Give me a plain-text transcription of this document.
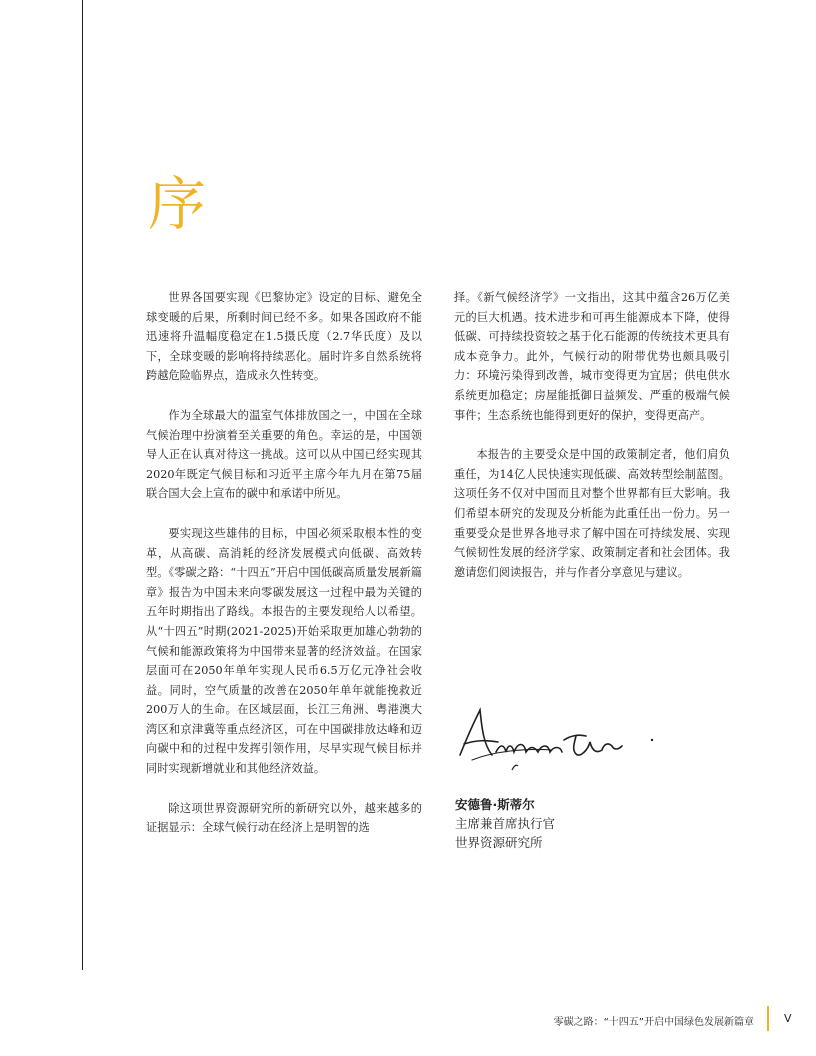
序

世界各国要实现《巴黎协定》设定的目标、避免全球变暖的后果，所剩时间已经不多。如果各国政府不能迅速将升温幅度稳定在1.5摄氏度（2.7华氏度）及以下，全球变暖的影响将持续恶化。届时许多自然系统将跨越危险临界点，造成永久性转变。

作为全球最大的温室气体排放国之一，中国在全球气候治理中扮演着至关重要的角色。幸运的是，中国领导人正在认真对待这一挑战。这可以从中国已经实现其2020年既定气候目标和习近平主席今年九月在第75届联合国大会上宣布的碳中和承诺中所见。

要实现这些雄伟的目标，中国必须采取根本性的变革，从高碳、高消耗的经济发展模式向低碳、高效转型。《零碳之路：“十四五”开启中国低碳高质量发展新篇章》报告为中国未来向零碳发展这一过程中最为关键的五年时期指出了路线。本报告的主要发现给人以希望。从“十四五”时期(2021-2025)开始采取更加雄心勃勃的气候和能源政策将为中国带来显著的经济效益。在国家层面可在2050年单年实现人民币6.5万亿元净社会收益。同时，空气质量的改善在2050年单年就能挽救近200万人的生命。在区域层面，长江三角洲、粤港澳大湾区和京津冀等重点经济区，可在中国碳排放达峰和迈向碳中和的过程中发挥引领作用，尽早实现气候目标并同时实现新增就业和其他经济效益。

除这项世界资源研究所的新研究以外，越来越多的证据显示：全球气候行动在经济上是明智的选

择。《新气候经济学》一文指出，这其中蕴含26万亿美元的巨大机遇。技术进步和可再生能源成本下降，使得低碳、可持续投资较之基于化石能源的传统技术更具有成本竞争力。此外，气候行动的附带优势也颇具吸引力：环境污染得到改善，城市变得更为宜居；供电供水系统更加稳定；房屋能抵御日益频发、严重的极端气候事件；生态系统也能得到更好的保护，变得更高产。

本报告的主要受众是中国的政策制定者，他们肩负重任，为14亿人民快速实现低碳、高效转型绘制蓝图。这项任务不仅对中国而且对整个世界都有巨大影响。我们希望本研究的发现及分析能为此重任出一份力。另一重要受众是世界各地寻求了解中国在可持续发展、实现气候韧性发展的经济学家、政策制定者和社会团体。我邀请您们阅读报告，并与作者分享意见与建议。

安德鲁·斯蒂尔
主席兼首席执行官
世界资源研究所
零碳之路：“十四五”开启中国绿色发展新篇章	V
